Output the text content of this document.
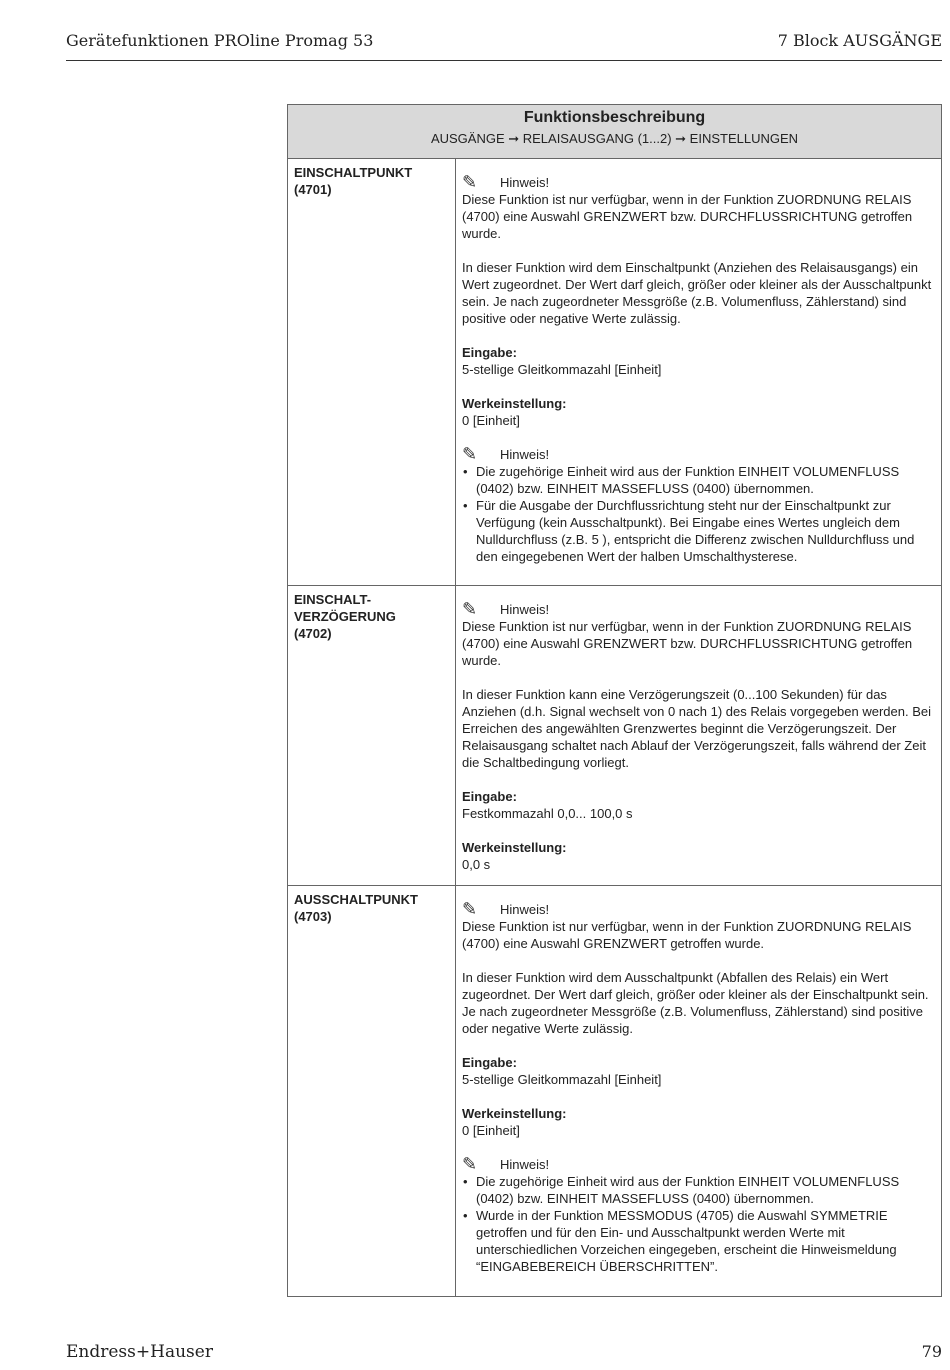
Gerätefunktionen PROline Promag 53	7 Block AUSGÄNGE
Funktionsbeschreibung
AUSGÄNGE ➞ RELAISAUSGANG (1...2) ➞ EINSTELLUNGEN
EINSCHALTPUNKT
(4701)	✎	Hinweis!

Diese Funktion ist nur verfügbar, wenn in der Funktion ZUORDNUNG RELAIS (4700) eine Auswahl GRENZWERT bzw. DURCHFLUSSRICHTUNG getroffen wurde.

In dieser Funktion wird dem Einschaltpunkt (Anziehen des Relaisausgangs) ein Wert zugeordnet. Der Wert darf gleich, größer oder kleiner als der Ausschaltpunkt sein. Je nach zugeordneter Messgröße (z.B. Volumenfluss, Zählerstand) sind positive oder negative Werte zulässig.

Eingabe:
5-stellige Gleitkommazahl [Einheit]
Werkeinstellung:
0 [Einheit]
✎	Hinweis!
• Die zugehörige Einheit wird aus der Funktion EINHEIT VOLUMENFLUSS (0402) bzw. EINHEIT MASSEFLUSS (0400) übernommen.
• Für die Ausgabe der Durchflussrichtung steht nur der Einschaltpunkt zur Verfügung (kein Ausschaltpunkt). Bei Eingabe eines Wertes ungleich dem Nulldurchfluss (z.B. 5 ), entspricht die Differenz zwischen Nulldurchfluss und den eingegebenen Wert der halben Umschalthysterese.
EINSCHALT-
VERZÖGERUNG
(4702)
✎	Hinweis!

Diese Funktion ist nur verfügbar, wenn in der Funktion ZUORDNUNG RELAIS (4700) eine Auswahl GRENZWERT bzw. DURCHFLUSSRICHTUNG getroffen wurde.

In dieser Funktion kann eine Verzögerungszeit (0...100 Sekunden) für das Anziehen (d.h. Signal wechselt von 0 nach 1) des Relais vorgegeben werden. Bei Erreichen des angewählten Grenzwertes beginnt die Verzögerungszeit. Der Relaisausgang schaltet nach Ablauf der Verzögerungszeit, falls während der Zeit die Schaltbedingung vorliegt.

Eingabe:
Festkommazahl 0,0... 100,0 s
Werkeinstellung:
0,0 s
AUSSCHALTPUNKT
(4703)	✎	Hinweis!

Diese Funktion ist nur verfügbar, wenn in der Funktion ZUORDNUNG RELAIS (4700) eine Auswahl GRENZWERT getroffen wurde.

In dieser Funktion wird dem Ausschaltpunkt (Abfallen des Relais) ein Wert zugeordnet. Der Wert darf gleich, größer oder kleiner als der Einschaltpunkt sein. Je nach zugeordneter Messgröße (z.B. Volumenfluss, Zählerstand) sind positive oder negative Werte zulässig.

Eingabe:
5-stellige Gleitkommazahl [Einheit]
Werkeinstellung:
0 [Einheit]
✎	Hinweis!
• Die zugehörige Einheit wird aus der Funktion EINHEIT VOLUMENFLUSS (0402) bzw. EINHEIT MASSEFLUSS (0400) übernommen.
• Wurde in der Funktion MESSMODUS (4705) die Auswahl SYMMETRIE getroffen und für den Ein- und Ausschaltpunkt werden Werte mit unterschiedlichen Vorzeichen eingegeben, erscheint die Hinweismeldung “EINGABEBEREICH ÜBERSCHRITTEN”.
Endress+Hauser	79
